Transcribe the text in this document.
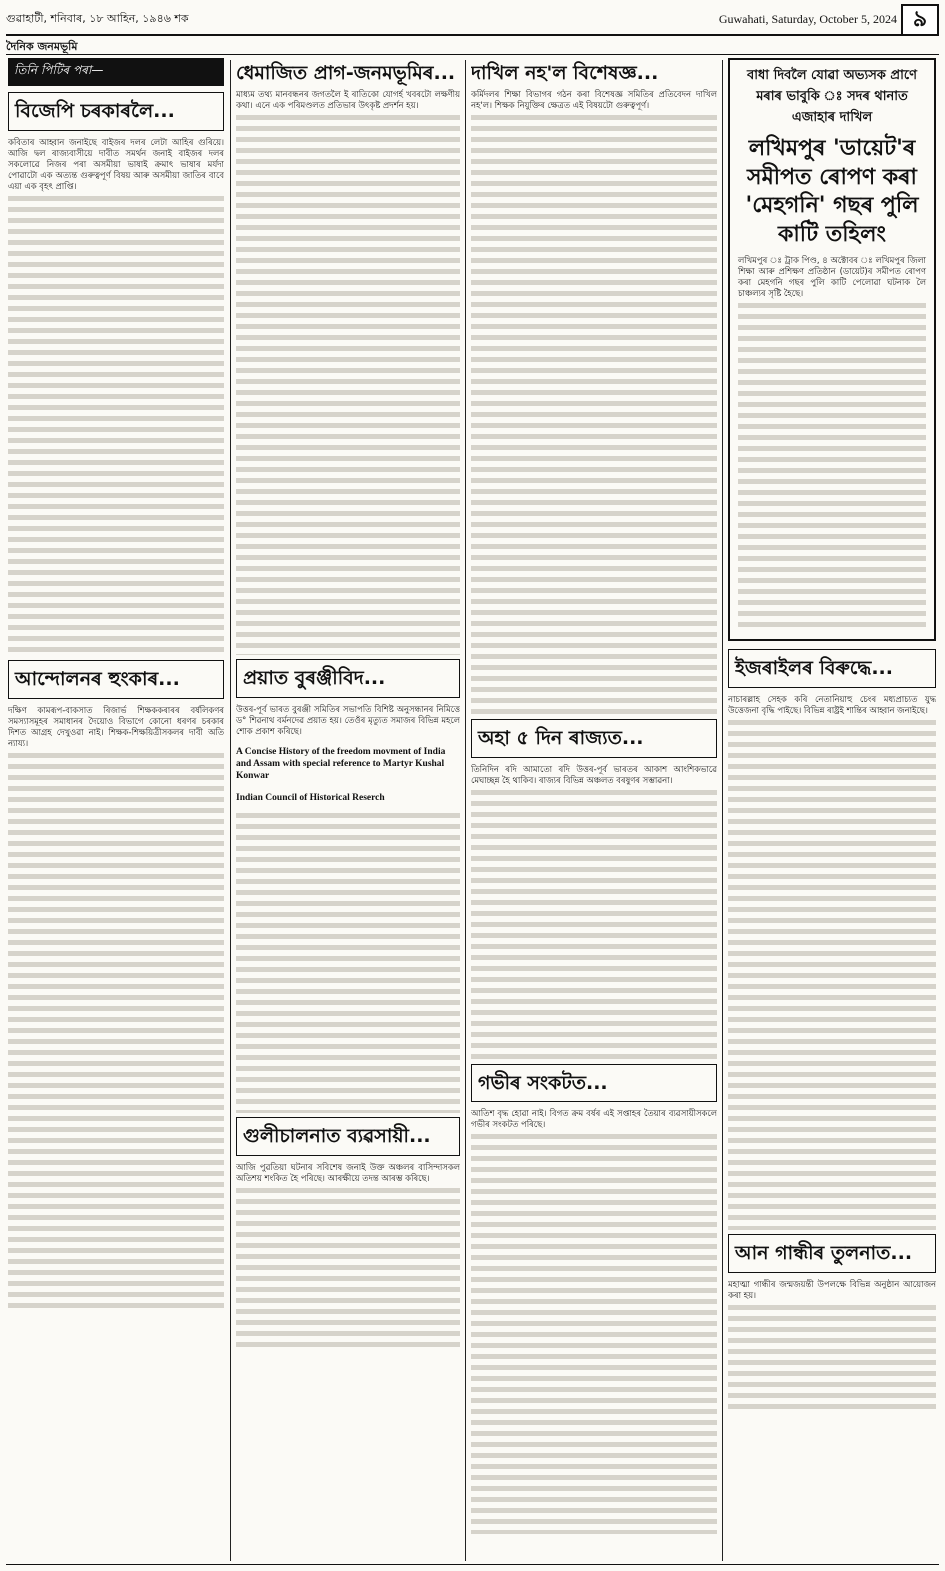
গুৱাহাটী, শনিবাৰ, ১৮ আহিন, ১৯৪৬ শক	Guwahati, Saturday, October 5, 2024 ৯
দৈনিক জনমভূমি
তিনি পিটিৰ পৰা—
বিজেপি চৰকাৰলৈ...

কবিতাৰ আহ্বান জনাইছে বাইজৰ দলৰ লেটা আহিৰ গুৰিয়ে। আজি দ্বল ৰাজ্যবাসীয়ে দাবীত সমৰ্থন জনাই বাইজৰ দলৰ সকলোৱে নিজৰ পৰা অসমীয়া ভাষাই ক্ৰমাৎ ভাষাৰ মৰ্যদা পোৱাটো এক অত্যন্ত গুৰুত্বপূৰ্ণ বিষয় আৰু অসমীয়া জাতিৰ বাবে এয়া এক বৃহৎ প্ৰাপ্তি।

আন্দোলনৰ হুংকাৰ...

দক্ষিণ কামৰূপ-বাকসাত ৰিজাৰ্ভ শিক্ষককৰাৰৰ বৰ্ষলিকণৰ সমস্যাসমূহৰ সমাধানৰ দৈয়োও বিভাগে কোনো ধৰণৰ চৰকাৰ দিশত আগ্ৰহ দেখুওৱা নাই। শিক্ষক-শিক্ষয়িত্ৰীসকলৰ দাবী অতি ন্যায্য।

ধেমাজিত প্ৰাগ-জনমভূমিৰ...

মাধ্যম তথ্য মানবন্ধনৰ জগতলৈ ই ৰাতিকো যোগৰ্হ খবৰটো লক্ষণীয় কথা। এনে এক পৰিমণ্ডলত প্ৰতিভাৰ উৎকৃষ্ট প্ৰদৰ্শন হয়।

প্ৰয়াত বুৰঞ্জীবিদ...

উত্তৰ-পূৰ্ব ভাৰত বুৰঞ্জী সমিতিৰ সভাপতি বিশিষ্ট অনুসন্ধানৰ নিমিত্তে ড° শিৱনাথ বৰ্মনদেৱ প্ৰয়াত হয়। তেওঁৰ মৃত্যুত সমাজৰ বিভিন্ন মহলে শোক প্ৰকাশ কৰিছে।

A Concise History of the freedom movment of India and Assam with special reference to Martyr Kushal Konwar

Indian Council of Historical Reserch

গুলীচালনাত ব্যৱসায়ী...

আজি পুৱতিয়া ঘটনাৰ সবিশেষ জনাই উক্ত অঞ্চলৰ বাসিন্দাসকল অতিশয় শংকিত হৈ পৰিছে। আৰক্ষীয়ে তদন্ত আৰম্ভ কৰিছে।

দাখিল নহ'ল বিশেষজ্ঞ...

কৰ্মিদলৰ শিক্ষা বিভাগৰ গঠন কৰা বিশেষজ্ঞ সমিতিৰ প্ৰতিবেদন দাখিল নহ'ল। শিক্ষক নিযুক্তিৰ ক্ষেত্ৰত এই বিষয়টো গুৰুত্বপূৰ্ণ।

অহা ৫ দিন ৰাজ্যত...

তিনিদিন ৰদি আমাতো ৰদি উত্তৰ-পূৰ্ব ভাৰতৰ আকাশ আংশিকভাৱে মেঘাচ্ছন্ন হৈ থাকিব। ৰাজ্যৰ বিভিন্ন অঞ্চলত বৰষুণৰ সম্ভাৱনা।

গভীৰ সংকটত...

আতিশ বৃদ্ধ হোৱা নাই। বিগত ক্ৰম বৰ্ষৰ এই সপ্তাহৰ তৈয়াৰ ব্যৱসায়ীসকলে গভীৰ সংকটত পৰিছে।

বাধা দিবলৈ যোৱা অভ্যসক প্ৰাণে মৰাৰ ভাবুকি ঃ সদৰ থানাত এজাহাৰ দাখিল

লখিমপুৰ 'ডায়েট'ৰ সমীপত ৰোপণ কৰা 'মেহগনি' গছৰ পুলি কাটি তহিলং

লখিমপুৰ ঃ ট্ৰাক পিণ্ড, ৪ অক্টোবৰ ঃ লখিমপুৰ জিলা শিক্ষা আৰু প্ৰশিক্ষণ প্ৰতিষ্ঠান (ডায়েট)ৰ সমীপত ৰোপণ কৰা মেহগনি গছৰ পুলি কাটি পেলোৱা ঘটনাক লৈ চাঞ্চল্যৰ সৃষ্টি হৈছে।

ইজৰাইলৰ বিৰুদ্ধে...

নাচাৰল্লাহ সেহক কৰি নেতানিয়াহু চেংৰ মধ্যপ্ৰাচ্যত যুদ্ধ উত্তেজনা বৃদ্ধি পাইছে। বিভিন্ন ৰাষ্ট্ৰই শান্তিৰ আহ্বান জনাইছে।

আন গান্ধীৰ তুলনাত...

মহাত্মা গান্ধীৰ জন্মজয়ন্তী উপলক্ষে বিভিন্ন অনুষ্ঠান আয়োজন কৰা হয়।
